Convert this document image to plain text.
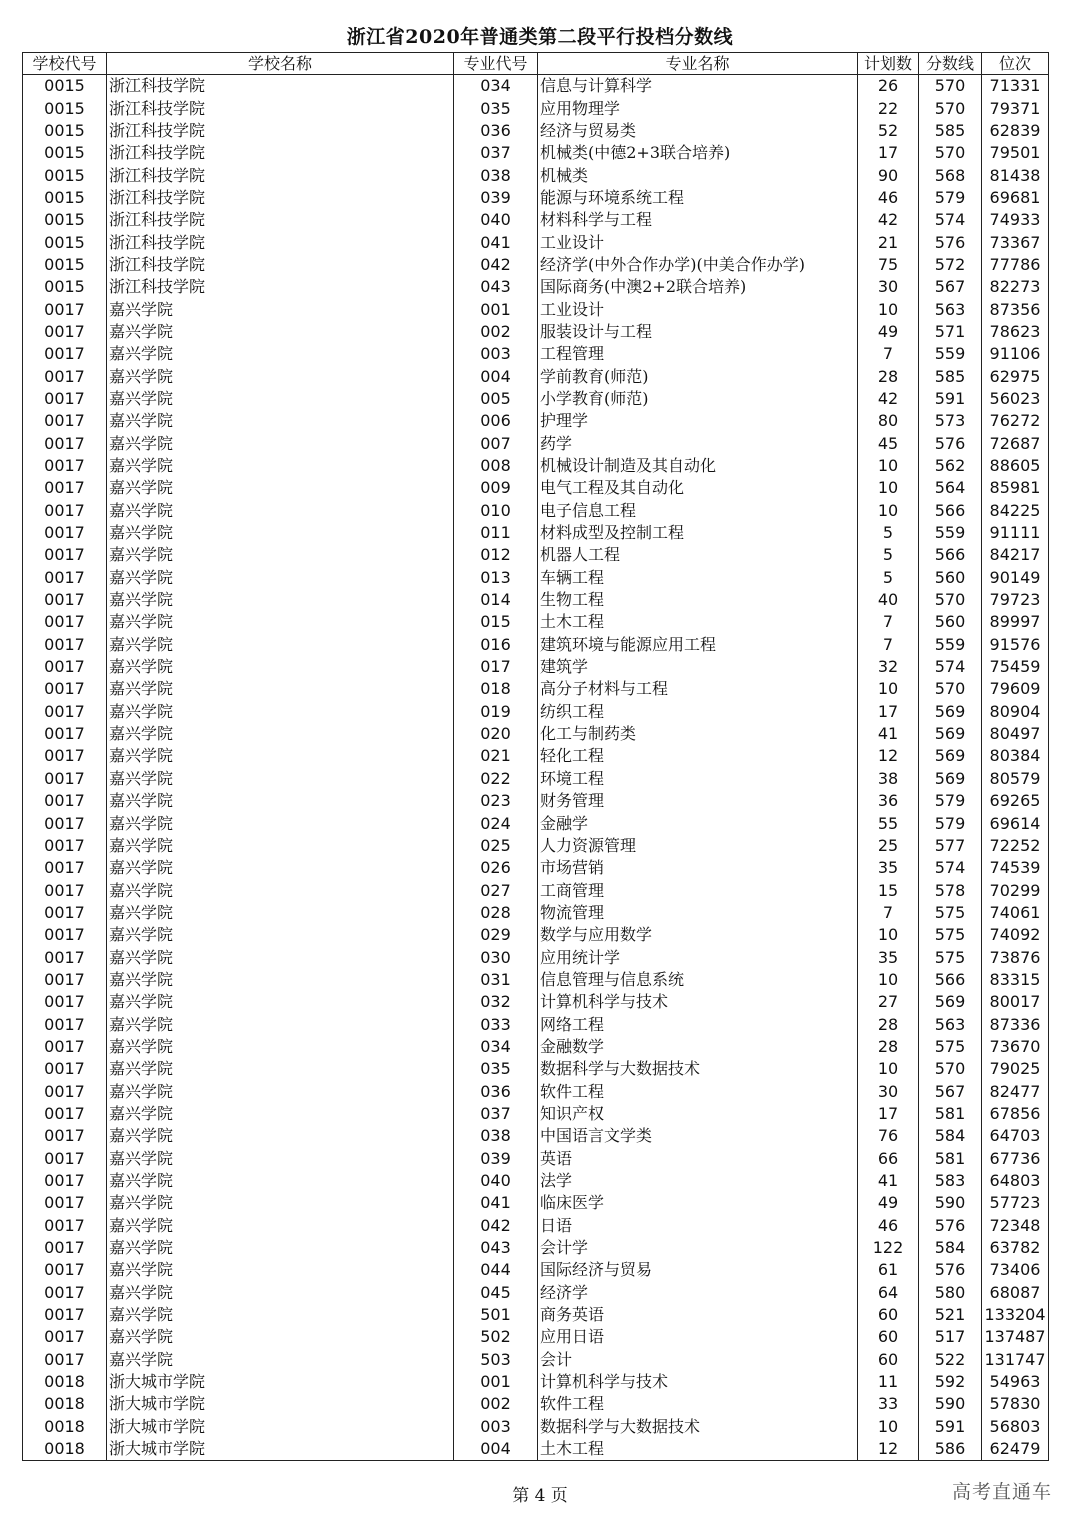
浙江省2020年普通类第二段平行投档分数线
学校代号	学校名称	专业代号	专业名称	计划数	分数线	位次
0015	浙江科技学院	034	信息与计算科学	26	570	71331
0015	浙江科技学院	035	应用物理学	22	570	79371
0015	浙江科技学院	036	经济与贸易类	52	585	62839
0015	浙江科技学院	037	机械类(中德2+3联合培养)	17	570	79501
0015	浙江科技学院	038	机械类	90	568	81438
0015	浙江科技学院	039	能源与环境系统工程	46	579	69681
0015	浙江科技学院	040	材料科学与工程	42	574	74933
0015	浙江科技学院	041	工业设计	21	576	73367
0015	浙江科技学院	042	经济学(中外合作办学)(中美合作办学)	75	572	77786
0015	浙江科技学院	043	国际商务(中澳2+2联合培养)	30	567	82273
0017	嘉兴学院	001	工业设计	10	563	87356
0017	嘉兴学院	002	服装设计与工程	49	571	78623
0017	嘉兴学院	003	工程管理	7	559	91106
0017	嘉兴学院	004	学前教育(师范)	28	585	62975
0017	嘉兴学院	005	小学教育(师范)	42	591	56023
0017	嘉兴学院	006	护理学	80	573	76272
0017	嘉兴学院	007	药学	45	576	72687
0017	嘉兴学院	008	机械设计制造及其自动化	10	562	88605
0017	嘉兴学院	009	电气工程及其自动化	10	564	85981
0017	嘉兴学院	010	电子信息工程	10	566	84225
0017	嘉兴学院	011	材料成型及控制工程	5	559	91111
0017	嘉兴学院	012	机器人工程	5	566	84217
0017	嘉兴学院	013	车辆工程	5	560	90149
0017	嘉兴学院	014	生物工程	40	570	79723
0017	嘉兴学院	015	土木工程	7	560	89997
0017	嘉兴学院	016	建筑环境与能源应用工程	7	559	91576
0017	嘉兴学院	017	建筑学	32	574	75459
0017	嘉兴学院	018	高分子材料与工程	10	570	79609
0017	嘉兴学院	019	纺织工程	17	569	80904
0017	嘉兴学院	020	化工与制药类	41	569	80497
0017	嘉兴学院	021	轻化工程	12	569	80384
0017	嘉兴学院	022	环境工程	38	569	80579
0017	嘉兴学院	023	财务管理	36	579	69265
0017	嘉兴学院	024	金融学	55	579	69614
0017	嘉兴学院	025	人力资源管理	25	577	72252
0017	嘉兴学院	026	市场营销	35	574	74539
0017	嘉兴学院	027	工商管理	15	578	70299
0017	嘉兴学院	028	物流管理	7	575	74061
0017	嘉兴学院	029	数学与应用数学	10	575	74092
0017	嘉兴学院	030	应用统计学	35	575	73876
0017	嘉兴学院	031	信息管理与信息系统	10	566	83315
0017	嘉兴学院	032	计算机科学与技术	27	569	80017
0017	嘉兴学院	033	网络工程	28	563	87336
0017	嘉兴学院	034	金融数学	28	575	73670
0017	嘉兴学院	035	数据科学与大数据技术	10	570	79025
0017	嘉兴学院	036	软件工程	30	567	82477
0017	嘉兴学院	037	知识产权	17	581	67856
0017	嘉兴学院	038	中国语言文学类	76	584	64703
0017	嘉兴学院	039	英语	66	581	67736
0017	嘉兴学院	040	法学	41	583	64803
0017	嘉兴学院	041	临床医学	49	590	57723
0017	嘉兴学院	042	日语	46	576	72348
0017	嘉兴学院	043	会计学	122	584	63782
0017	嘉兴学院	044	国际经济与贸易	61	576	73406
0017	嘉兴学院	045	经济学	64	580	68087
0017	嘉兴学院	501	商务英语	60	521	133204
0017	嘉兴学院	502	应用日语	60	517	137487
0017	嘉兴学院	503	会计	60	522	131747
0018	浙大城市学院	001	计算机科学与技术	11	592	54963
0018	浙大城市学院	002	软件工程	33	590	57830
0018	浙大城市学院	003	数据科学与大数据技术	10	591	56803
0018	浙大城市学院	004	土木工程	12	586	62479
第 4 页	高考直通车
